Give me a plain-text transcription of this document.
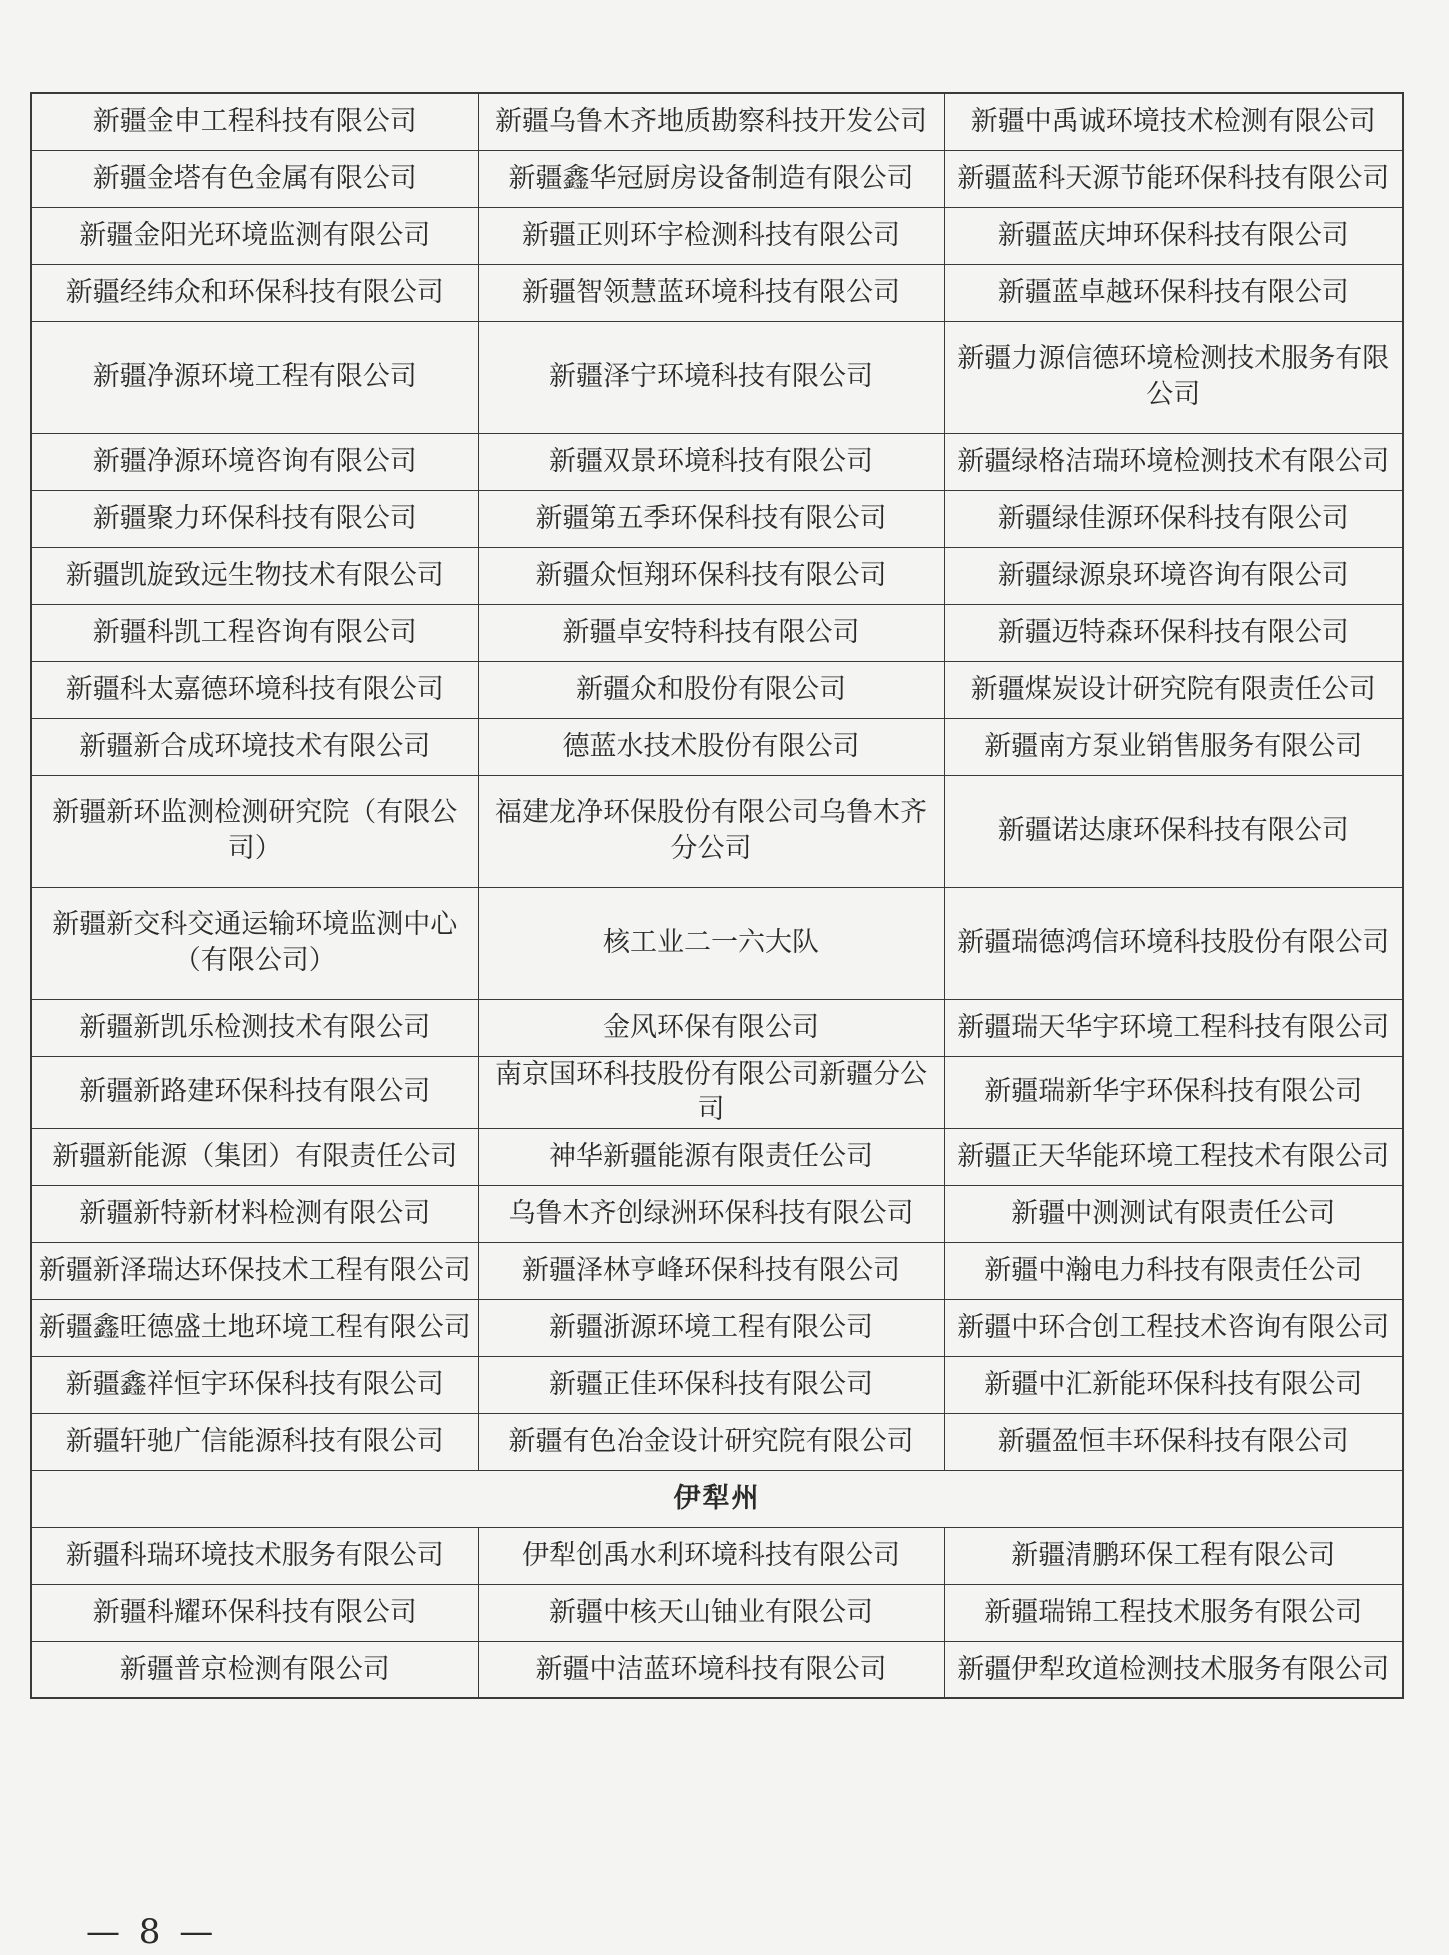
新疆金申工程科技有限公司	新疆乌鲁木齐地质勘察科技开发公司	新疆中禹诚环境技术检测有限公司
新疆金塔有色金属有限公司	新疆鑫华冠厨房设备制造有限公司	新疆蓝科天源节能环保科技有限公司
新疆金阳光环境监测有限公司	新疆正则环宇检测科技有限公司	新疆蓝庆坤环保科技有限公司
新疆经纬众和环保科技有限公司	新疆智领慧蓝环境科技有限公司	新疆蓝卓越环保科技有限公司
新疆净源环境工程有限公司	新疆泽宁环境科技有限公司	新疆力源信德环境检测技术服务有限公司
新疆净源环境咨询有限公司	新疆双景环境科技有限公司	新疆绿格洁瑞环境检测技术有限公司
新疆聚力环保科技有限公司	新疆第五季环保科技有限公司	新疆绿佳源环保科技有限公司
新疆凯旋致远生物技术有限公司	新疆众恒翔环保科技有限公司	新疆绿源泉环境咨询有限公司
新疆科凯工程咨询有限公司	新疆卓安特科技有限公司	新疆迈特森环保科技有限公司
新疆科太嘉德环境科技有限公司	新疆众和股份有限公司	新疆煤炭设计研究院有限责任公司
新疆新合成环境技术有限公司	德蓝水技术股份有限公司	新疆南方泵业销售服务有限公司
新疆新环监测检测研究院（有限公司）	福建龙净环保股份有限公司乌鲁木齐分公司	新疆诺达康环保科技有限公司
新疆新交科交通运输环境监测中心（有限公司）	核工业二一六大队	新疆瑞德鸿信环境科技股份有限公司
新疆新凯乐检测技术有限公司	金风环保有限公司	新疆瑞天华宇环境工程科技有限公司
新疆新路建环保科技有限公司	南京国环科技股份有限公司新疆分公司	新疆瑞新华宇环保科技有限公司
新疆新能源（集团）有限责任公司	神华新疆能源有限责任公司	新疆正天华能环境工程技术有限公司
新疆新特新材料检测有限公司	乌鲁木齐创绿洲环保科技有限公司	新疆中测测试有限责任公司
新疆新泽瑞达环保技术工程有限公司	新疆泽林亨峰环保科技有限公司	新疆中瀚电力科技有限责任公司
新疆鑫旺德盛土地环境工程有限公司	新疆浙源环境工程有限公司	新疆中环合创工程技术咨询有限公司
新疆鑫祥恒宇环保科技有限公司	新疆正佳环保科技有限公司	新疆中汇新能环保科技有限公司
新疆轩驰广信能源科技有限公司	新疆有色冶金设计研究院有限公司	新疆盈恒丰环保科技有限公司
伊犁州		
新疆科瑞环境技术服务有限公司	伊犁创禹水利环境科技有限公司	新疆清鹏环保工程有限公司
新疆科耀环保科技有限公司	新疆中核天山铀业有限公司	新疆瑞锦工程技术服务有限公司
新疆普京检测有限公司	新疆中洁蓝环境科技有限公司	新疆伊犁玫道检测技术服务有限公司
— 8 —
